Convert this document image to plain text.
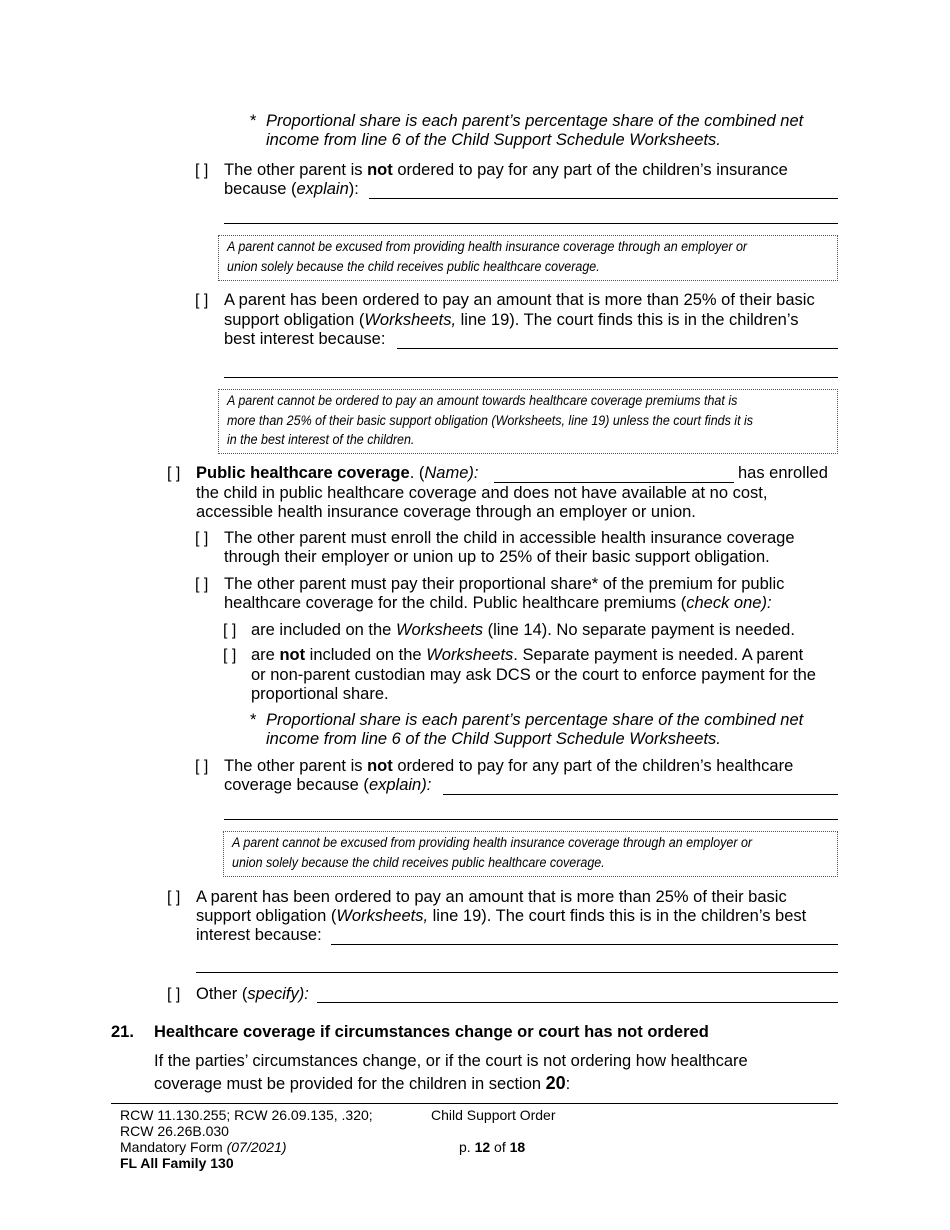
* Proportional share is each parent’s percentage share of the combined net
income from line 6 of the Child Support Schedule Worksheets.
[ ] The other parent is not ordered to pay for any part of the children’s insurance
because (explain):
A parent cannot be excused from providing health insurance coverage through an employer or
union solely because the child receives public healthcare coverage.
[ ] A parent has been ordered to pay an amount that is more than 25% of their basic
support obligation (Worksheets, line 19). The court finds this is in the children’s
best interest because:
A parent cannot be ordered to pay an amount towards healthcare coverage premiums that is
more than 25% of their basic support obligation (Worksheets, line 19) unless the court finds it is
in the best interest of the children.
[ ] Public healthcare coverage. (Name):	has enrolled
the child in public healthcare coverage and does not have available at no cost,
accessible health insurance coverage through an employer or union.
[ ] The other parent must enroll the child in accessible health insurance coverage
through their employer or union up to 25% of their basic support obligation.
[ ] The other parent must pay their proportional share* of the premium for public
healthcare coverage for the child. Public healthcare premiums (check one):
[ ] are included on the Worksheets (line 14). No separate payment is needed.
[ ] are not included on the Worksheets. Separate payment is needed. A parent
or non-parent custodian may ask DCS or the court to enforce payment for the
proportional share.
* Proportional share is each parent’s percentage share of the combined net
income from line 6 of the Child Support Schedule Worksheets.
[ ] The other parent is not ordered to pay for any part of the children’s healthcare
coverage because (explain):
A parent cannot be excused from providing health insurance coverage through an employer or
union solely because the child receives public healthcare coverage.
[ ] A parent has been ordered to pay an amount that is more than 25% of their basic
support obligation (Worksheets, line 19). The court finds this is in the children’s best
interest because:
[ ] Other (specify):
21. Healthcare coverage if circumstances change or court has not ordered
If the parties’ circumstances change, or if the court is not ordering how healthcare
coverage must be provided for the children in section 20:
RCW 11.130.255; RCW 26.09.135, .320;
RCW 26.26B.030
Mandatory Form (07/2021)
FL All Family 130
Child Support Order
p. 12 of 18
